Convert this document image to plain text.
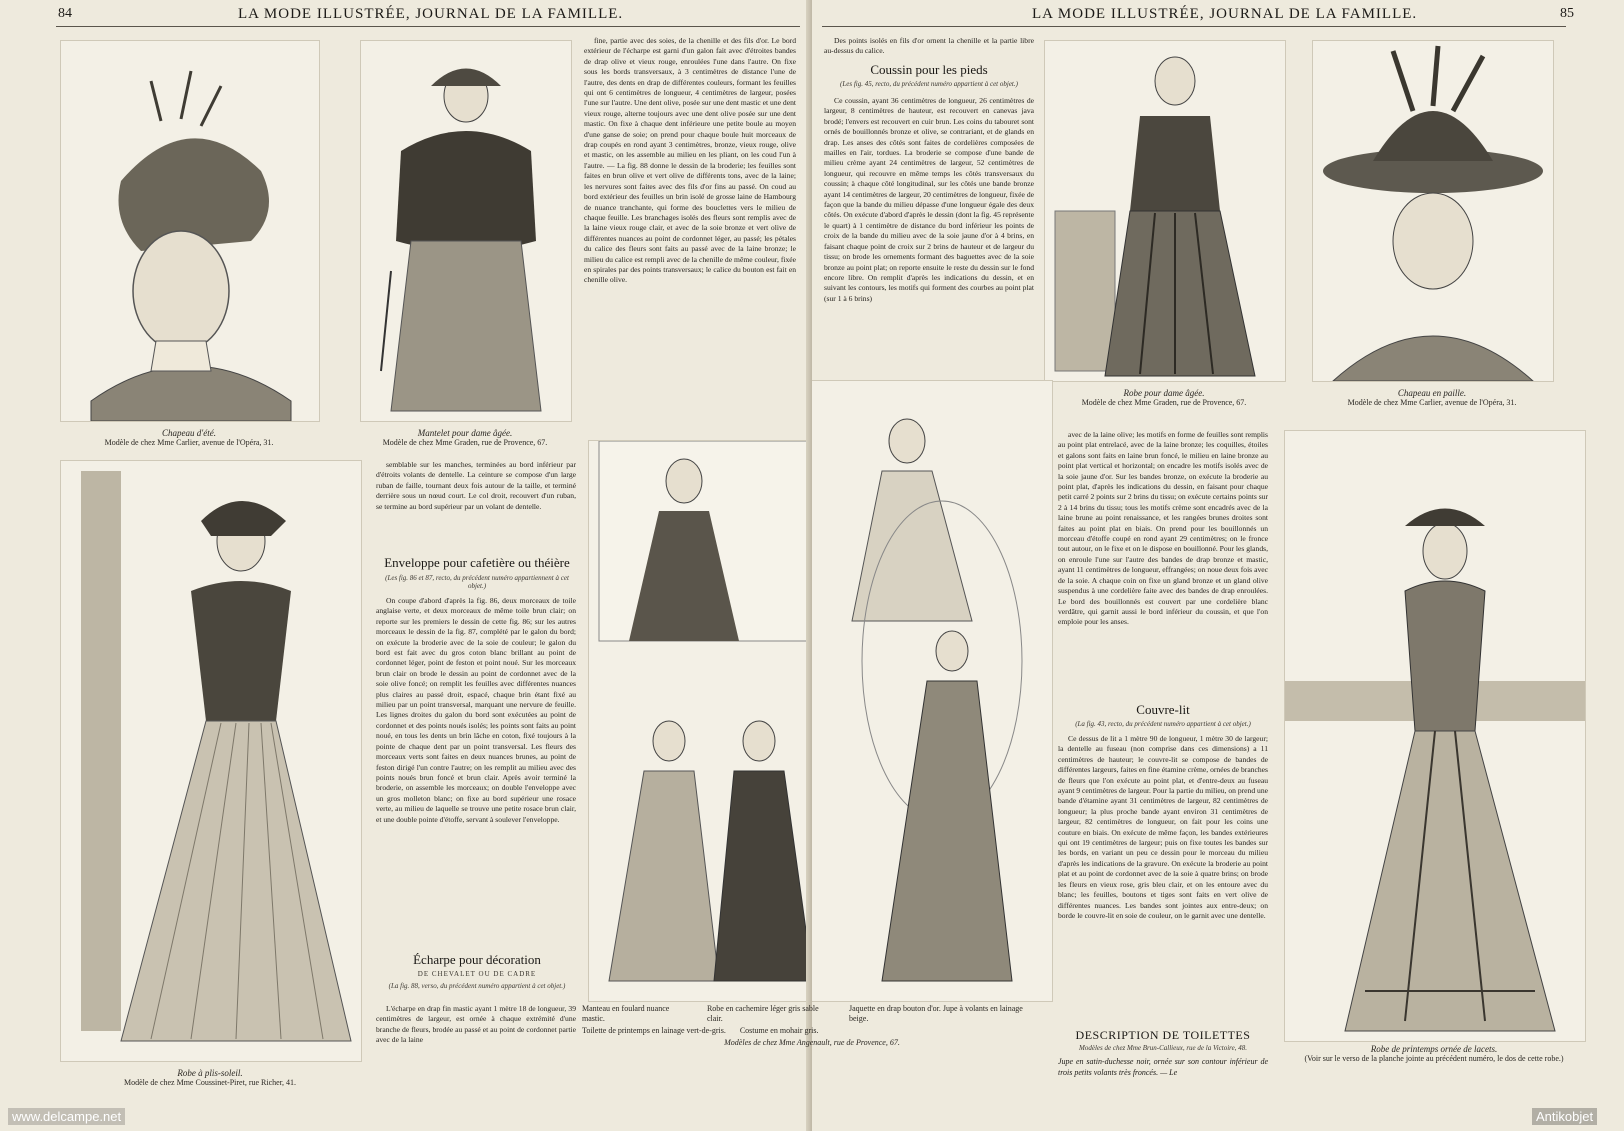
84	LA MODE ILLUSTRÉE, JOURNAL DE LA FAMILLE.
Chapeau d'été.
Modèle de chez Mme Carlier, avenue de l'Opéra, 31.
Mantelet pour dame âgée.
Modèle de chez Mme Graden, rue de Provence, 67.
Robe à plis-soleil.
Modèle de chez Mme Coussinet-Piret, rue Richer, 41.

fine, partie avec des soies, de la chenille et des fils d'or. Le bord extérieur de l'écharpe est garni d'un galon fait avec d'étroites bandes de drap olive et vieux rouge, enroulées l'une dans l'autre. On fixe sous les bords transversaux, à 3 centimètres de distance l'une de l'autre, des dents en drap de différentes couleurs, formant les feuilles qui ont 6 centimètres de longueur, 4 centimètres de largeur, posées l'une sur l'autre. Une dent olive, posée sur une dent mastic et une dent vieux rouge, alterne toujours avec une dent olive posée sur une dent mastic. On fixe à chaque dent inférieure une petite boule au moyen d'une ganse de soie; on prend pour chaque boule huit morceaux de drap coupés en rond ayant 3 centimètres, bronze, vieux rouge, olive et mastic, on les assemble au milieu en les pliant, on les coud l'un à l'autre. — La fig. 88 donne le dessin de la broderie; les feuilles sont faites en brun olive et vert olive de différents tons, avec de la laine; les nervures sont faites avec des fils d'or fins au passé. On coud au bord extérieur des feuilles un brin isolé de grosse laine de Hambourg de nuance tranchante, qui forme des bouclettes vers le milieu de chaque feuille. Les branchages isolés des fleurs sont remplis avec de la laine vieux rouge clair, et avec de la soie bronze et vert olive de différentes nuances au point de cordonnet léger, au passé; les pétales du calice des fleurs sont faits au passé avec de la laine bronze; le milieu du calice est rempli avec de la chenille de même couleur, fixée en spirales par des points transversaux; le calice du bouton est fait en chenille olive.

semblable sur les manches, terminées au bord inférieur par d'étroits volants de dentelle. La ceinture se compose d'un large ruban de faille, tournant deux fois autour de la taille, et terminé derrière sous un nœud court. Le col droit, recouvert d'un ruban, se termine au bord supérieur par un volant de dentelle.

Enveloppe pour cafetière ou théière
(Les fig. 86 et 87, recto, du précédent numéro appartiennent à cet objet.)

On coupe d'abord d'après la fig. 86, deux morceaux de toile anglaise verte, et deux morceaux de même toile brun clair; on reporte sur les premiers le dessin de cette fig. 86; sur les autres morceaux le dessin de la fig. 87, complété par le galon du bord; on exécute la broderie avec de la soie de couleur; le galon du bord est fait avec du gros coton blanc brillant au point de cordonnet léger, point de feston et point noué. Sur les morceaux brun clair on brode le dessin au point de cordonnet avec de la soie olive foncé; on remplit les feuilles avec différentes nuances plus claires au passé droit, espacé, chaque brin étant fixé au milieu par un point transversal, marquant une nervure de feuille. Les lignes droites du galon du bord sont exécutées au point de cordonnet et des points noués isolés; les points sont faits au point noué, en tous les dents un brin lâche en coton, fixé toujours à la pointe de chaque dent par un point transversal. Les fleurs des morceaux verts sont faites en deux nuances brunes, au point de feston dirigé l'un contre l'autre; on les remplit au milieu avec des points noués brun foncé et brun clair. Après avoir terminé la broderie, on assemble les morceaux; on double l'enveloppe avec un gros molleton blanc; on fixe au bord supérieur une rosace verte, au milieu de laquelle se trouve une petite rosace brun clair, et une double pointe d'étoffe, servant à soulever l'enveloppe.

Écharpe pour décoration
DE CHEVALET OU DE CADRE
(La fig. 88, verso, du précédent numéro appartient à cet objet.)

L'écharpe en drap fin mastic ayant 1 mètre 18 de longueur, 39 centimètres de largeur, est ornée à chaque extrémité d'une branche de fleurs, brodée au passé et au point de cordonnet partie avec de la laine

www.delcampe.net
LA MODE ILLUSTRÉE, JOURNAL DE LA FAMILLE.	85

Des points isolés en fils d'or ornent la chenille et la partie libre au-dessus du calice.

Coussin pour les pieds
(Les fig. 45, recto, du précédent numéro appartient à cet objet.)

Ce coussin, ayant 36 centimètres de longueur, 26 centimètres de largeur, 8 centimètres de hauteur, est recouvert en canevas java brodé; l'envers est recouvert en cuir brun. Les coins du tabouret sont ornés de bouillonnés bronze et olive, se contrariant, et de glands en drap. Les anses des côtés sont faites de cordelières composées de mailles en l'air, tordues. La broderie se compose d'une bande de milieu crème ayant 24 centimètres de largeur, 52 centimètres de longueur, qui recouvre en même temps les côtés transversaux du coussin; à chaque côté longitudinal, sur les côtés une bande bronze ayant 14 centimètres de largeur, 20 centimètres de longueur, fixée de façon que la bande du milieu dépasse d'une longueur égale des deux côtés. On exécute d'abord d'après le dessin (dont la fig. 45 représente le quart) à 1 centimètre de distance du bord inférieur les points de croix de la bande du milieu avec de la soie jaune d'or à 4 brins, en faisant chaque point de croix sur 2 brins de hauteur et de largeur du tissu; on brode les ornements formant des baguettes avec de la soie bronze au point plat; on reporte ensuite le reste du dessin sur le fond encore libre. On remplit d'après les indications du dessin, et en suivant les contours, les motifs qui forment des courbes au point plat (sur 1 à 6 brins)

Robe pour dame âgée.
Modèle de chez Mme Graden, rue de Provence, 67.
Chapeau en paille.
Modèle de chez Mme Carlier, avenue de l'Opéra, 31.
Manteau en foulard nuance mastic.
Robe en cachemire léger gris sable clair.
Jaquette en drap bouton d'or. Jupe à volants en lainage beige.
Toilette de printemps en lainage vert-de-gris. Costume en mohair gris.
Modèles de chez Mme Angenault, rue de Provence, 67.

avec de la laine olive; les motifs en forme de feuilles sont remplis au point plat entrelacé, avec de la laine bronze; les coquilles, étoiles et galons sont faits en laine brun foncé, le milieu en laine bronze au point plat vertical et horizontal; on encadre les motifs isolés avec de la soie jaune d'or. Sur les bandes bronze, on exécute la broderie au point plat, d'après les indications du dessin, en faisant pour chaque petit carré 2 points sur 2 brins du tissu; on exécute certains points sur 2 à 14 brins du tissu; tous les motifs crème sont encadrés avec de la laine brune au point renaissance, et les rangées brunes droites sont faites au point plat en biais. On prend pour les bouillonnés un morceau d'étoffe coupé en rond ayant 29 centimètres; on le fronce tout autour, on le fixe et on le dispose en bouillonné. Pour les glands, on enroule l'une sur l'autre des bandes de drap bronze et mastic, ayant 11 centimètres de longueur, effrangées; on noue deux fois avec de la soie. A chaque coin on fixe un gland bronze et un gland olive suspendus à une cordelière faite avec des bandes de drap enroulées. Le bord des bouillonnés est couvert par une cordelière blanc verdâtre, qui garnit aussi le bord inférieur du coussin, et que l'on emploie pour les anses.

Couvre-lit
(La fig. 43, recto, du précédent numéro appartient à cet objet.)

Ce dessus de lit a 1 mètre 90 de longueur, 1 mètre 30 de largeur; la dentelle au fuseau (non comprise dans ces dimensions) a 11 centimètres de hauteur; le couvre-lit se compose de bandes de différentes largeurs, faites en fine étamine crème, ornées de branches de fleurs que l'on exécute au point plat, et d'entre-deux au fuseau ayant 9 centimètres de largeur. Pour la partie du milieu, on prend une bande d'étamine ayant 31 centimètres de largeur, 82 centimètres de longueur; la plus proche bande ayant environ 31 centimètres de largeur, 82 centimètres de longueur, on fait pour les coins une couture en biais. On exécute de même façon, les bandes extérieures qui ont 19 centimètres de largeur; puis on fixe toutes les bandes sur les bords, en variant un peu ce dessin pour le morceau du milieu d'après les indications de la gravure. On exécute la broderie au point plat et au point de cordonnet avec de la soie à quatre brins; on brode les fleurs en vieux rose, gris bleu clair, et on les entoure avec du blanc; les feuilles, boutons et tiges sont faits en vert olive de différentes nuances. Les bandes sont jointes aux entre-deux; on borde le couvre-lit en soie de couleur, on le garnit avec une dentelle.

DESCRIPTION DE TOILETTES
Modèles de chez Mme Brun-Callieux, rue de la Victoire, 48.
Jupe en satin-duchesse noir, ornée sur son contour inférieur de trois petits volants très froncés. — Le
Robe de printemps ornée de lacets.
(Voir sur le verso de la planche jointe au précédent numéro, le dos de cette robe.)
Antikobjet
